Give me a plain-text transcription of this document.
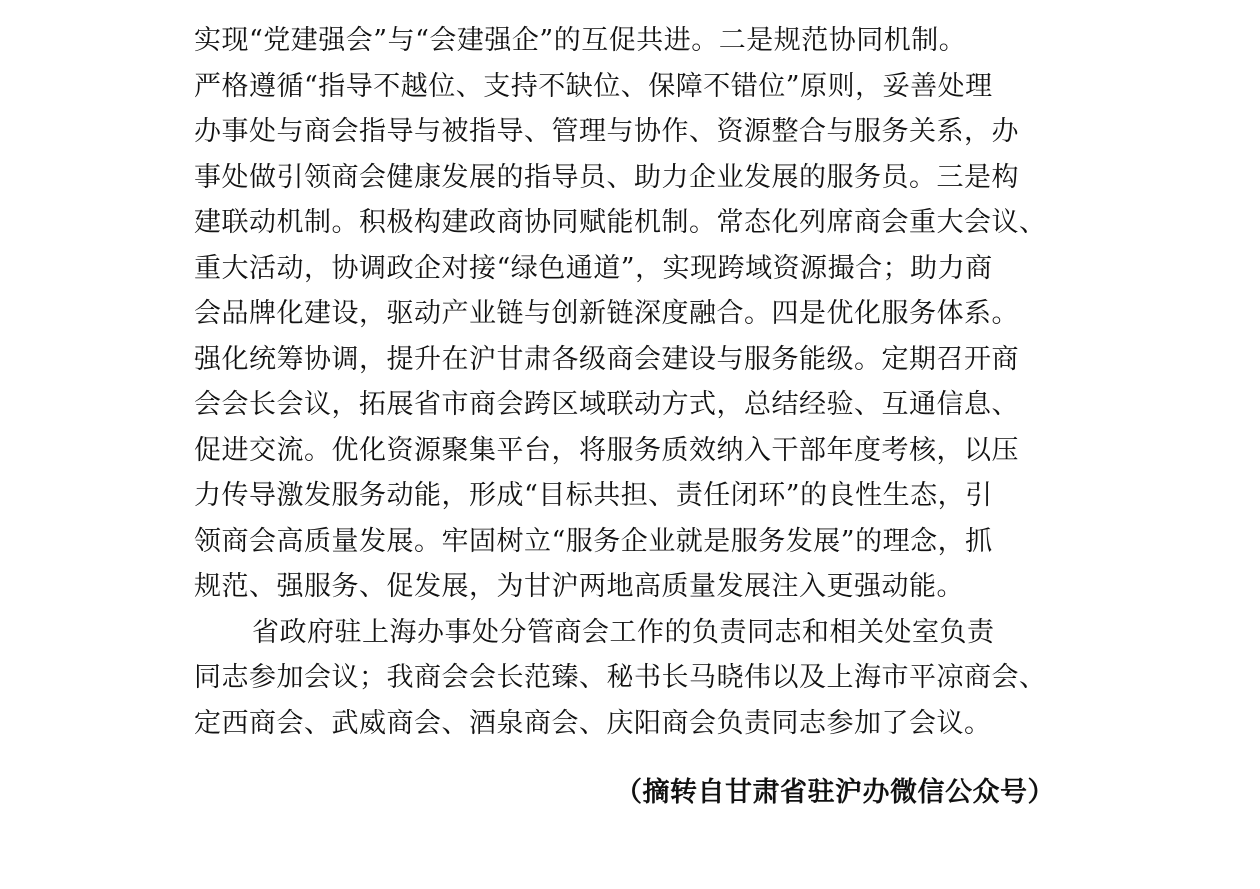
实现“党建强会”与“会建强企”的互促共进。二是规范协同机制。
严格遵循“指导不越位、支持不缺位、保障不错位”原则，妥善处理
办事处与商会指导与被指导、管理与协作、资源整合与服务关系，办
事处做引领商会健康发展的指导员、助力企业发展的服务员。三是构
建联动机制。积极构建政商协同赋能机制。常态化列席商会重大会议、
重大活动，协调政企对接“绿色通道”，实现跨域资源撮合；助力商
会品牌化建设，驱动产业链与创新链深度融合。四是优化服务体系。
强化统筹协调，提升在沪甘肃各级商会建设与服务能级。定期召开商
会会长会议，拓展省市商会跨区域联动方式，总结经验、互通信息、
促进交流。优化资源聚集平台，将服务质效纳入干部年度考核，以压
力传导激发服务动能，形成“目标共担、责任闭环”的良性生态，引
领商会高质量发展。牢固树立“服务企业就是服务发展”的理念，抓
规范、强服务、促发展，为甘沪两地高质量发展注入更强动能。
省政府驻上海办事处分管商会工作的负责同志和相关处室负责
同志参加会议；我商会会长范臻、秘书长马晓伟以及上海市平凉商会、
定西商会、武威商会、酒泉商会、庆阳商会负责同志参加了会议。
（摘转自甘肃省驻沪办微信公众号）
